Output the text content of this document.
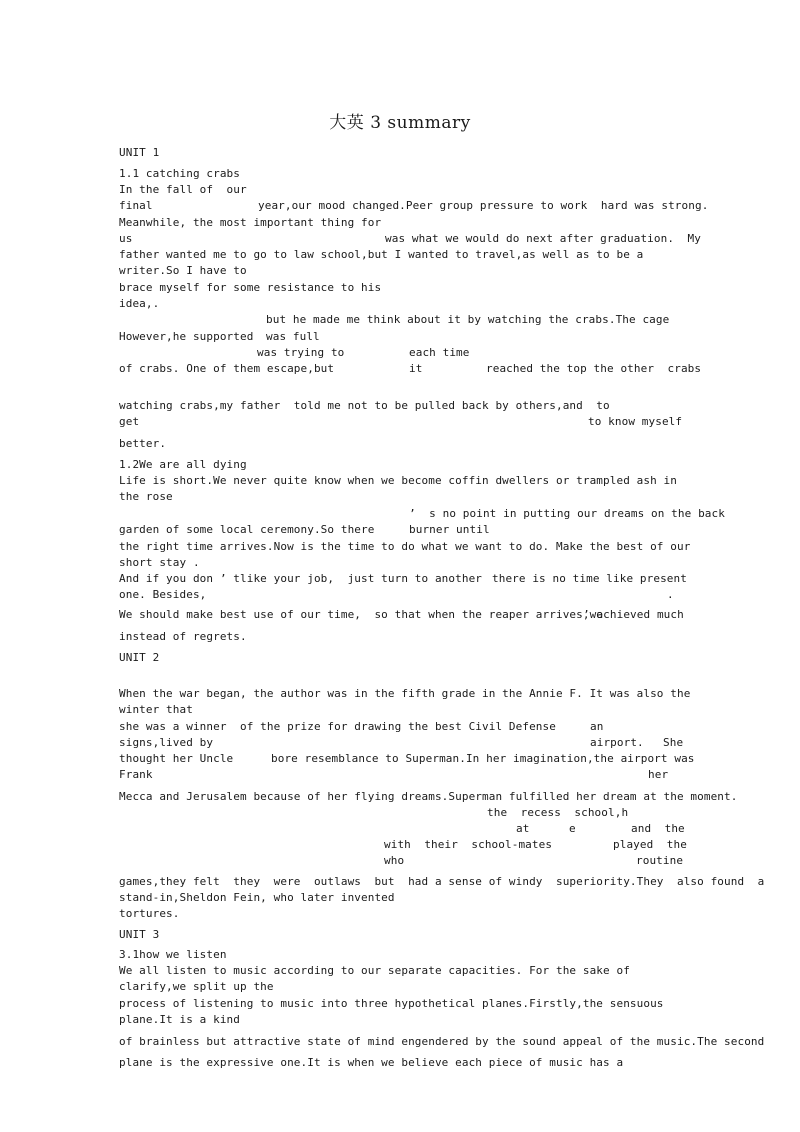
大英 3 summary
UNIT 1
1.1 catching crabs
In the fall of  our
final	year,our mood changed.Peer group pressure to work  hard was strong.
Meanwhile, the most important thing for
us	was what we would do next after graduation.  My
father wanted me to go to law school,but I wanted to travel,as well as to be a
writer.So I have to
brace myself for some resistance to his
idea,.
but he made me think about it by watching the crabs.The cage
However,he supported was full
was trying to	each time
of crabs. One of them escape,but	it	reached the top the other  crabs
watching crabs,my father  told me not to be pulled back by others,and  to
get	to know myself
better.
1.2We are all dying
Life is short.We never quite know when we become coffin dwellers or trampled ash in
the rose
’  s no point in putting our dreams on the back
garden of some local ceremony.So there	burner until
the right time arrives.Now is the time to do what we want to do. Make the best of our
short stay .
And if you don ’ tlike your job,  just turn to another there is no time like present
one. Besides,	.
We should make best use of our time,  so that when the reaper arrives,we
’ achieved much
instead of regrets.
UNIT 2
When the war began, the author was in the fifth grade in the Annie F. It was also the
winter that
she was a winner  of the prize for drawing the best Civil Defense	an
signs,lived by	airport. She
thought her Uncle	bore resemblance to Superman.In her imagination,the airport was
Frank	her
Mecca and Jerusalem because of her flying dreams.Superman fulfilled her dream at the moment.
the  recess  school,h
at	e	and  the
with  their  school-mates	played  the
who	routine
games,they felt  they  were  outlaws  but  had a sense of windy  superiority.They  also found  a
stand-in,Sheldon Fein, who later invented
tortures.
UNIT 3
3.1how we listen
We all listen to music according to our separate capacities. For the sake of
clarify,we split up the
process of listening to music into three hypothetical planes.Firstly,the sensuous
plane.It is a kind
of brainless but attractive state of mind engendered by the sound appeal of the music.The second
plane is the expressive one.It is when we believe each piece of music has a
